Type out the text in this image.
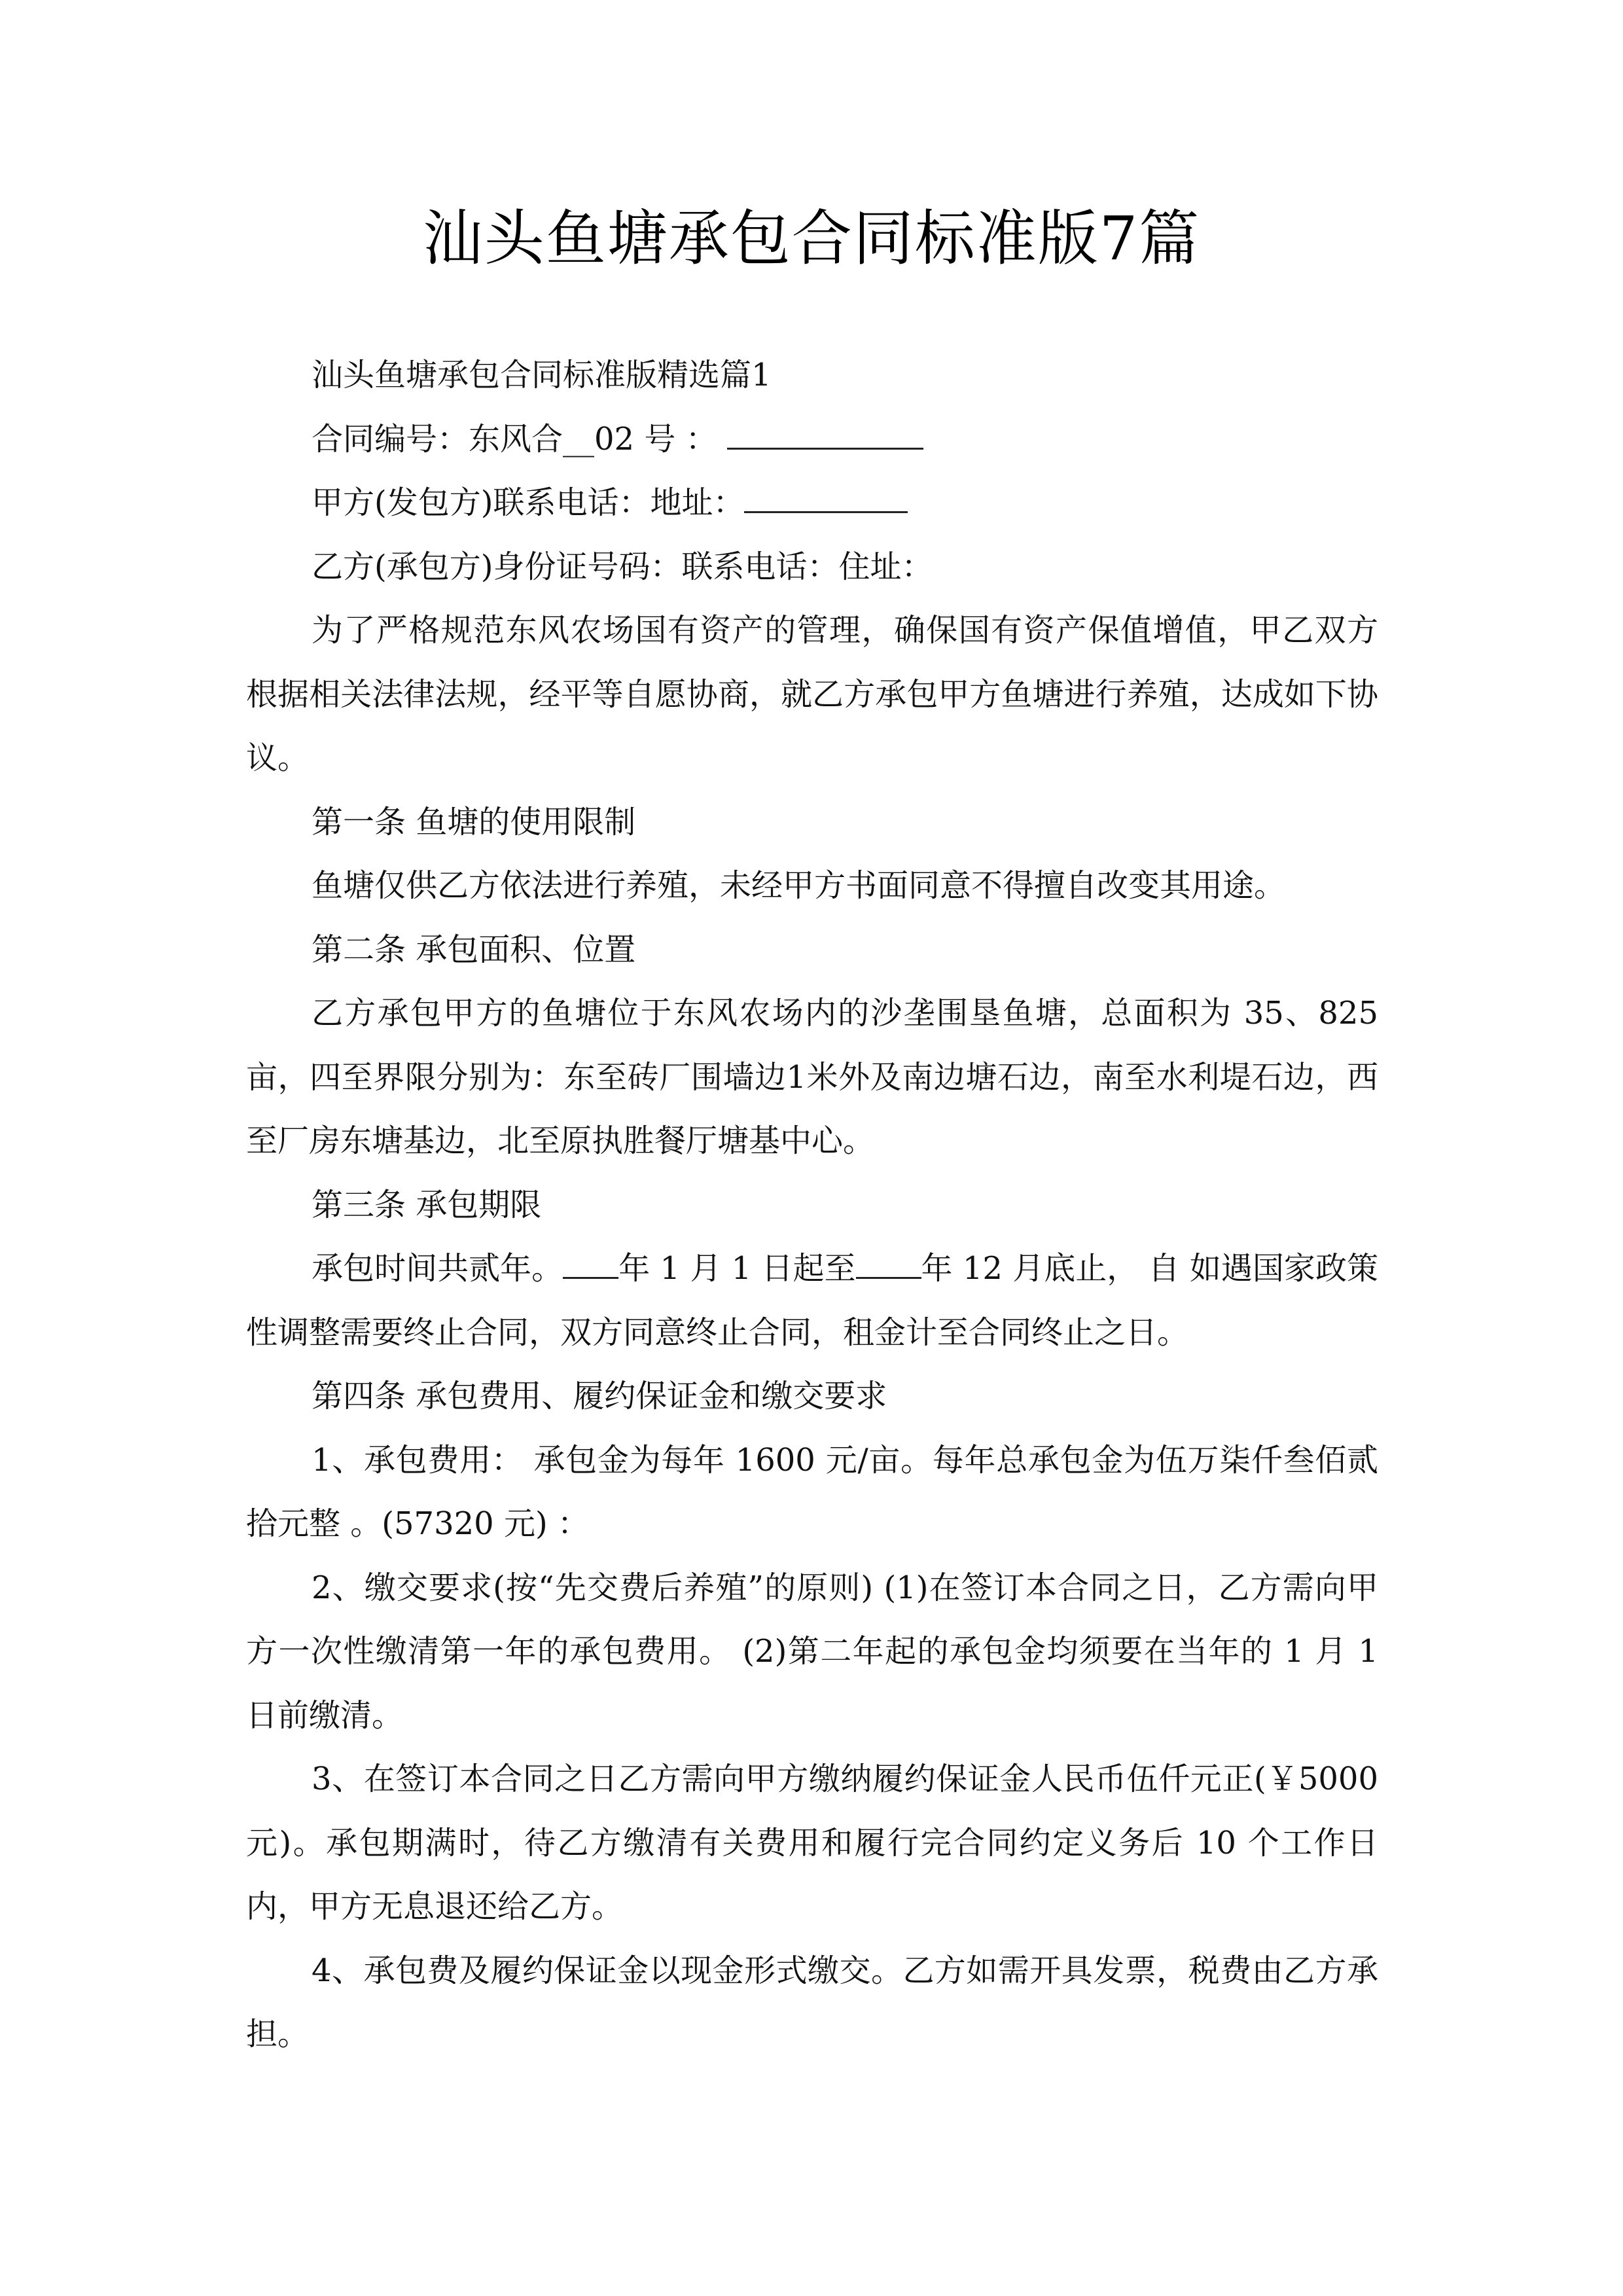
汕头鱼塘承包合同标准版7篇

汕头鱼塘承包合同标准版精选篇1

合同编号：东风合__02 号 ：

甲方(发包方)联系电话：地址：

乙方(承包方)身份证号码：联系电话：住址：

为了严格规范东风农场国有资产的管理，确保国有资产保值增值，甲乙双方根据相关法律法规，经平等自愿协商，就乙方承包甲方鱼塘进行养殖，达成如下协议。

第一条 鱼塘的使用限制

鱼塘仅供乙方依法进行养殖，未经甲方书面同意不得擅自改变其用途。

第二条 承包面积、位置

乙方承包甲方的鱼塘位于东风农场内的沙垄围垦鱼塘，总面积为 35、825 亩，四至界限分别为：东至砖厂围墙边1米外及南边塘石边，南至水利堤石边，西至厂房东塘基边，北至原执胜餐厅塘基中心。

第三条 承包期限

承包时间共贰年。 年 1 月 1 日起至 年 12 月底止， 自 如遇国家政策性调整需要终止合同，双方同意终止合同，租金计至合同终止之日。

第四条 承包费用、履约保证金和缴交要求

1、承包费用： 承包金为每年 1600 元/亩。每年总承包金为伍万柒仟叁佰贰拾元整 。(57320 元) ：

2、缴交要求(按“先交费后养殖”的原则) (1)在签订本合同之日，乙方需向甲方一次性缴清第一年的承包费用。 (2)第二年起的承包金均须要在当年的 1 月 1 日前缴清。

3、在签订本合同之日乙方需向甲方缴纳履约保证金人民币伍仟元正(￥5000 元)。承包期满时，待乙方缴清有关费用和履行完合同约定义务后 10 个工作日内，甲方无息退还给乙方。

4、承包费及履约保证金以现金形式缴交。乙方如需开具发票，税费由乙方承担。
